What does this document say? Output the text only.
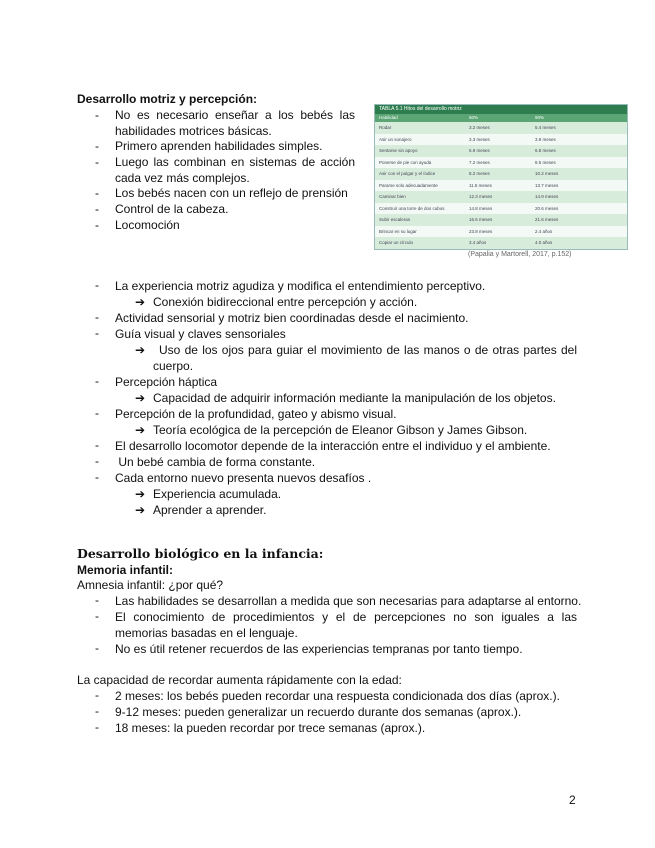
Desarrollo motriz y percepción:
-	No es necesario enseñar a los bebés las habilidades motrices básicas.
-	Primero aprenden habilidades simples.
-	Luego las combinan en sistemas de acción cada vez más complejos.
-	Los bebés nacen con un reflejo de prensión
-	Control de la cabeza.
-	Locomoción
TABLA 5.1 Hitos del desarrollo motriz
Habilidad	50%	90%
Rodar	3.2 meses	5.4 meses
Asir un sonajero	3.3 meses	3.9 meses
Sentarse sin apoyo	5.9 meses	6.8 meses
Ponerse de pie con ayuda	7.2 meses	8.5 meses
Asir con el pulgar y el índice	8.2 meses	10.2 meses
Pararse solo adecuadamente	11.5 meses	13.7 meses
Caminar bien	12.3 meses	14.9 meses
Construir una torre de dos cubos	14.8 meses	20.6 meses
Subir escaleras	16.6 meses	21.6 meses
Brincar en su lugar	23.8 meses	2.4 años
Copiar un círculo	3.4 años	4.0 años
(Papalia y Martorell, 2017, p.152)
-	La experiencia motriz agudiza y modifica el entendimiento perceptivo.
➔ Conexión bidireccional entre percepción y acción.
-	Actividad sensorial y motriz bien coordinadas desde el nacimiento.
-	Guía visual y claves sensoriales
➔	Uso de los ojos para guiar el movimiento de las manos o de otras partes del cuerpo.
-	Percepción háptica
➔ Capacidad de adquirir información mediante la manipulación de los objetos.
-	Percepción de la profundidad, gateo y abismo visual.
➔ Teoría ecológica de la percepción de Eleanor Gibson y James Gibson.
-	El desarrollo locomotor depende de la interacción entre el individuo y el ambiente.
-	Un bebé cambia de forma constante.
-	Cada entorno nuevo presenta nuevos desafíos .
➔ Experiencia acumulada.
➔ Aprender a aprender.
Desarrollo biológico en la infancia:
Memoria infantil:
Amnesia infantil: ¿por qué?
-	Las habilidades se desarrollan a medida que son necesarias para adaptarse al entorno.
-	El conocimiento de procedimientos y el de percepciones no son iguales a las memorias basadas en el lenguaje.
-	No es útil retener recuerdos de las experiencias tempranas por tanto tiempo.
La capacidad de recordar aumenta rápidamente con la edad:
-	2 meses: los bebés pueden recordar una respuesta condicionada dos días (aprox.).
-	9-12 meses: pueden generalizar un recuerdo durante dos semanas (aprox.).
-	18 meses: la pueden recordar por trece semanas (aprox.).
2
